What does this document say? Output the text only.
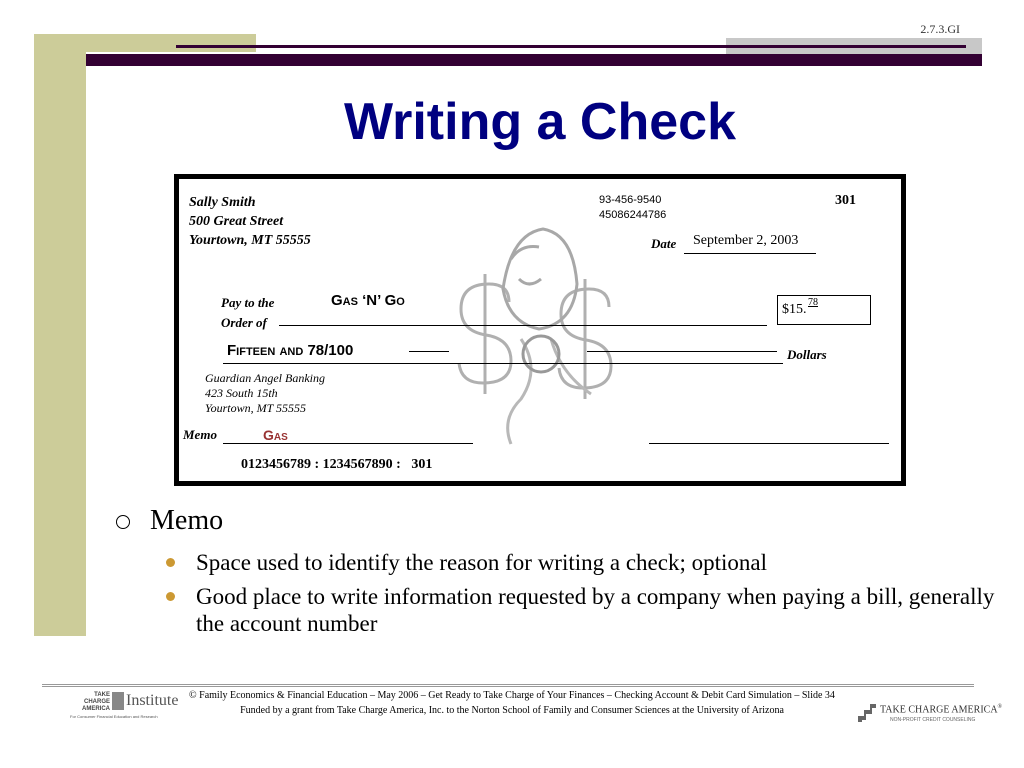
2.7.3.GI
Writing a Check
Sally Smith
500 Great Street
Yourtown, MT 55555
93-456-9540
45086244786
301
Date September 2, 2003
Pay to the
Order of
Gas ‘N’ Go
$15. 78
Fifteen and 78/100	Dollars
Guardian Angel Banking
423 South 15th
Yourtown, MT 55555
Memo	Gas
0123456789 : 1234567890 :   301
Memo
Space used to identify the reason for writing a check; optional
Good place to write information requested by a company when paying a bill, generally the account number
TAKE
CHARGE
AMERICA Institute
For Consumer Financial Education and Research
© Family Economics & Financial Education – May 2006 – Get Ready to Take Charge of Your Finances – Checking Account & Debit Card Simulation – Slide 34
Funded by a grant from Take Charge America, Inc. to the Norton School of Family and Consumer Sciences at the University of Arizona	TAKE CHARGE AMERICA®
NON-PROFIT CREDIT COUNSELING
